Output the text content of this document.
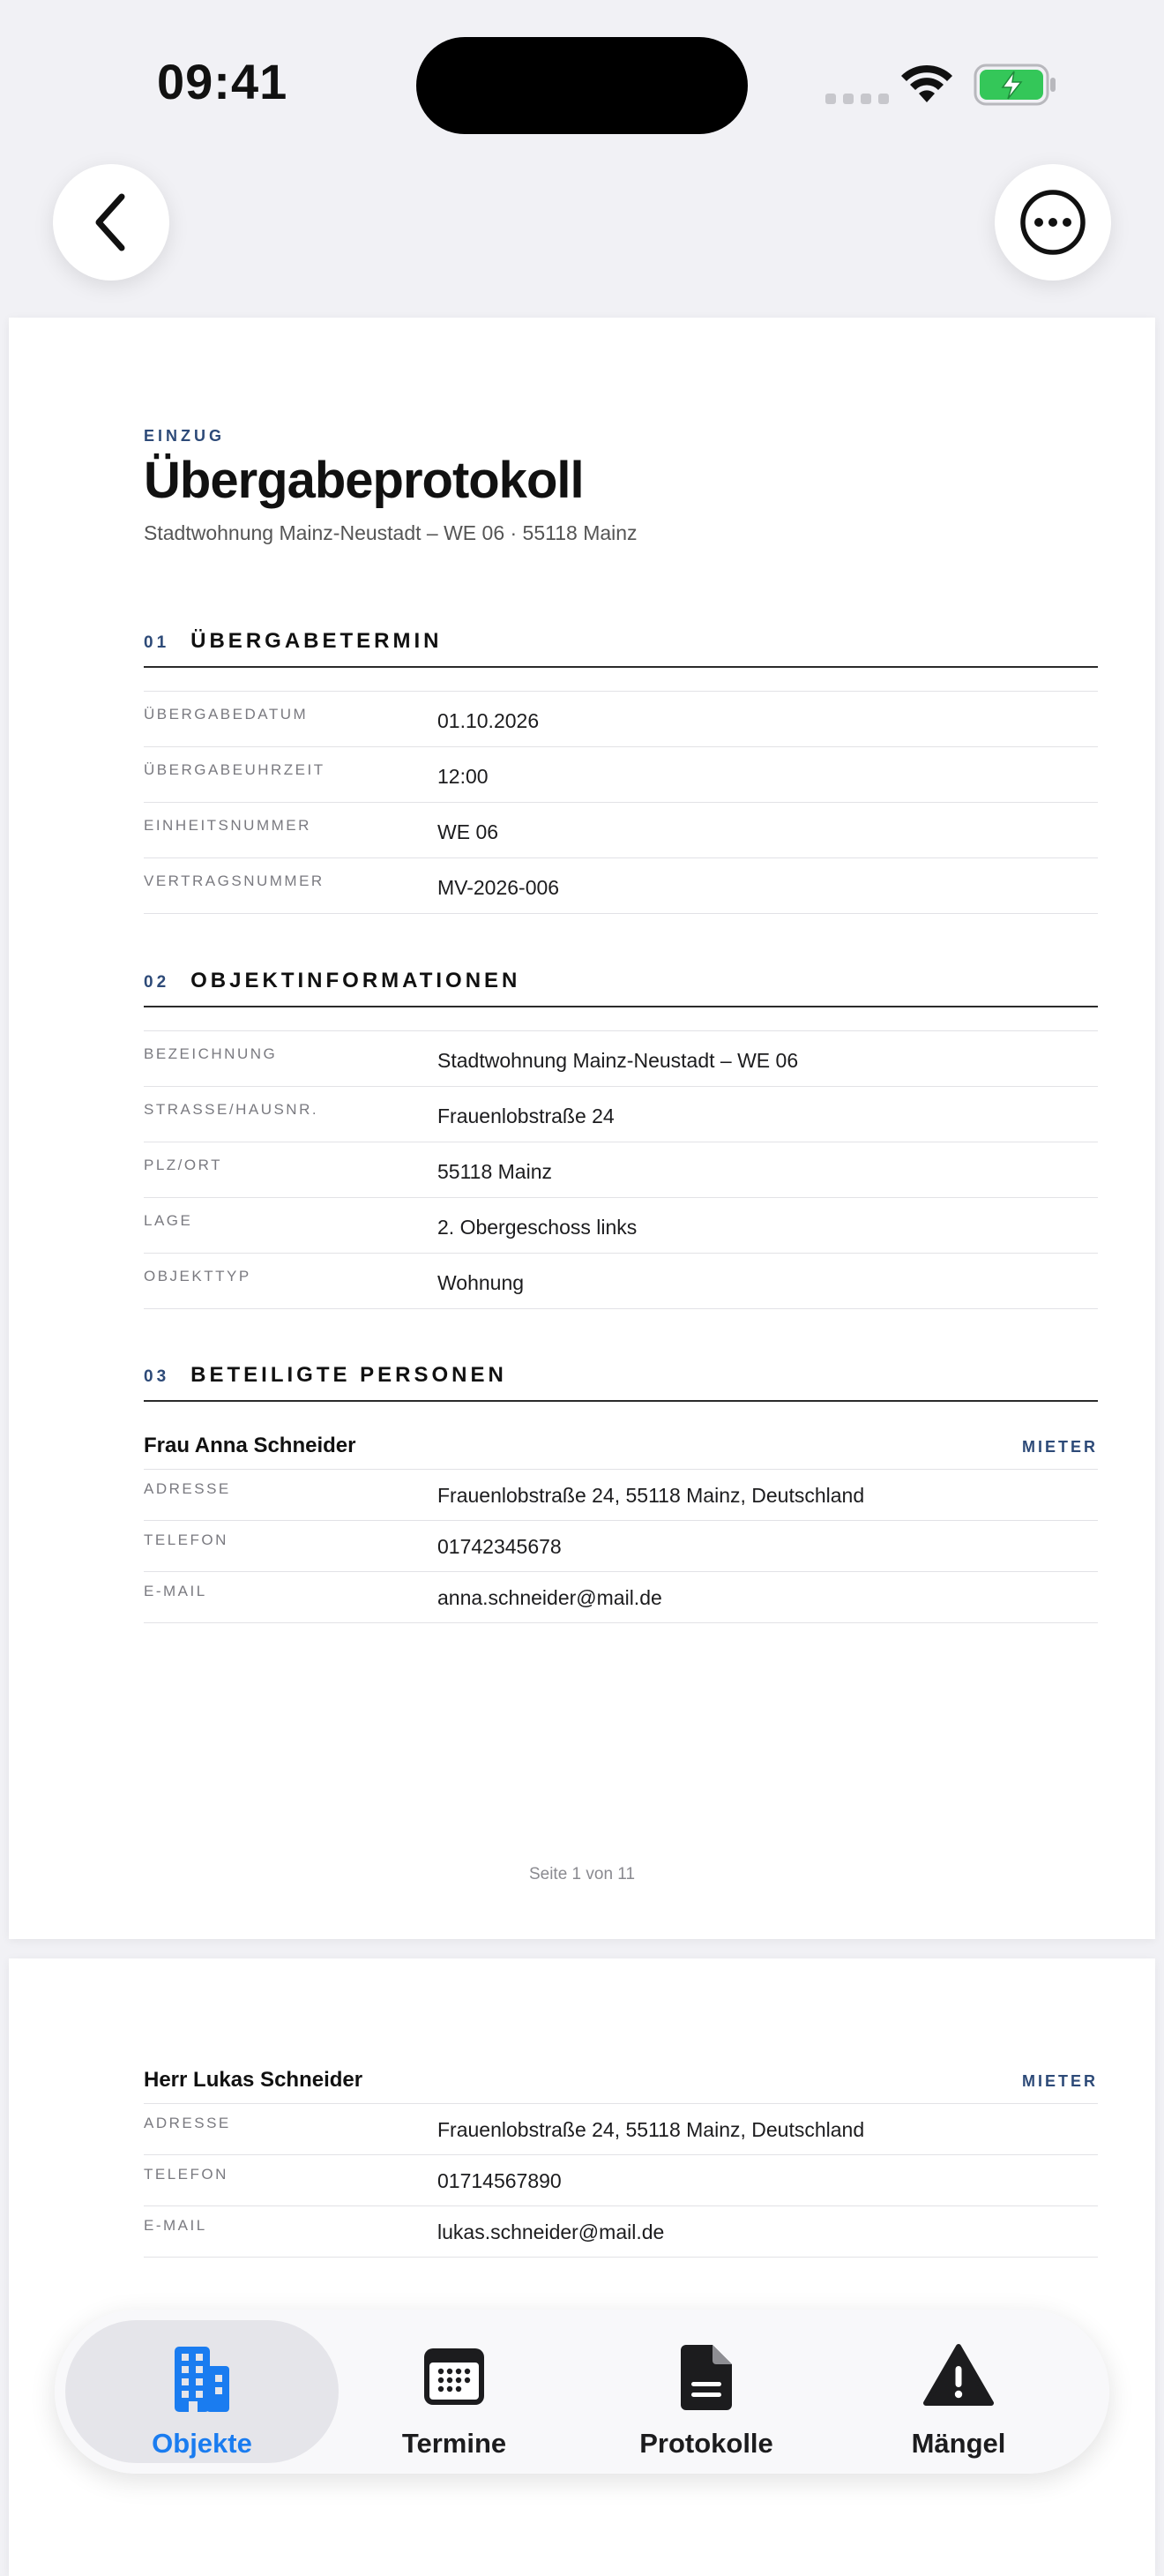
09:41
EINZUG
Übergabeprotokoll
Stadtwohnung Mainz-Neustadt – WE 06 · 55118 Mainz
01 ÜBERGABETERMIN
ÜBERGABEDATUM	01.10.2026
ÜBERGABEUHRZEIT	12:00
EINHEITSNUMMER	WE 06
VERTRAGSNUMMER	MV-2026-006
02 OBJEKTINFORMATIONEN
BEZEICHNUNG	Stadtwohnung Mainz-Neustadt – WE 06
STRASSE/HAUSNR.	Frauenlobstraße 24
PLZ/ORT	55118 Mainz
LAGE	2. Obergeschoss links
OBJEKTTYP	Wohnung
03 BETEILIGTE PERSONEN
Frau Anna Schneider	MIETER
ADRESSE	Frauenlobstraße 24, 55118 Mainz, Deutschland
TELEFON	01742345678
E-MAIL	anna.schneider@mail.de
Seite 1 von 11
Herr Lukas Schneider	MIETER
ADRESSE	Frauenlobstraße 24, 55118 Mainz, Deutschland
TELEFON	01714567890
E-MAIL	lukas.schneider@mail.de
Objekte	Termine	Protokolle	Mängel
